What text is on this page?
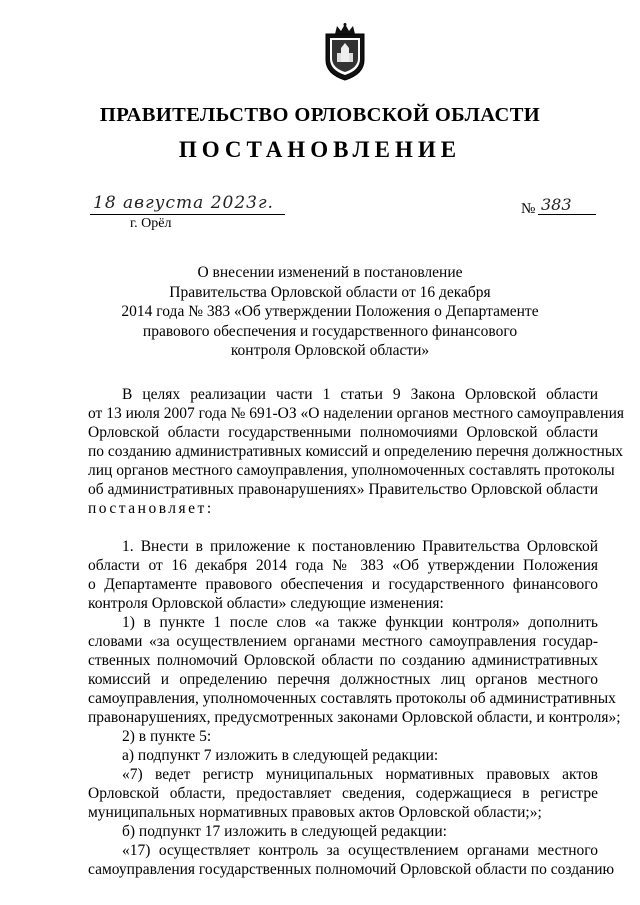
ПРАВИТЕЛЬСТВО ОРЛОВСКОЙ ОБЛАСТИ
ПОСТАНОВЛЕНИЕ
18 августа 2023г.
г. Орёл
№ 383
О внесении изменений в постановление
Правительства Орловской области от 16 декабря
2014 года № 383 «Об утверждении Положения о Департаменте
правового обеспечения и государственного финансового
контроля Орловской области»
В целях реализации части 1 статьи 9 Закона Орловской области
от 13 июля 2007 года № 691-ОЗ «О наделении органов местного самоуправления
Орловской области государственными полномочиями Орловской области
по созданию административных комиссий и определению перечня должностных
лиц органов местного самоуправления, уполномоченных составлять протоколы
об административных правонарушениях» Правительство Орловской области
постановляет:
1. Внести в приложение к постановлению Правительства Орловской
области от 16 декабря 2014 года № 383 «Об утверждении Положения
о Департаменте правового обеспечения и государственного финансового
контроля Орловской области» следующие изменения:
1) в пункте 1 после слов «а также функции контроля» дополнить
словами «за осуществлением органами местного самоуправления государ-
ственных полномочий Орловской области по созданию административных
комиссий и определению перечня должностных лиц органов местного
самоуправления, уполномоченных составлять протоколы об административных
правонарушениях, предусмотренных законами Орловской области, и контроля»;
2) в пункте 5:
а) подпункт 7 изложить в следующей редакции:
«7) ведет регистр муниципальных нормативных правовых актов
Орловской области, предоставляет сведения, содержащиеся в регистре
муниципальных нормативных правовых актов Орловской области;»;
б) подпункт 17 изложить в следующей редакции:
«17) осуществляет контроль за осуществлением органами местного
самоуправления государственных полномочий Орловской области по созданию
